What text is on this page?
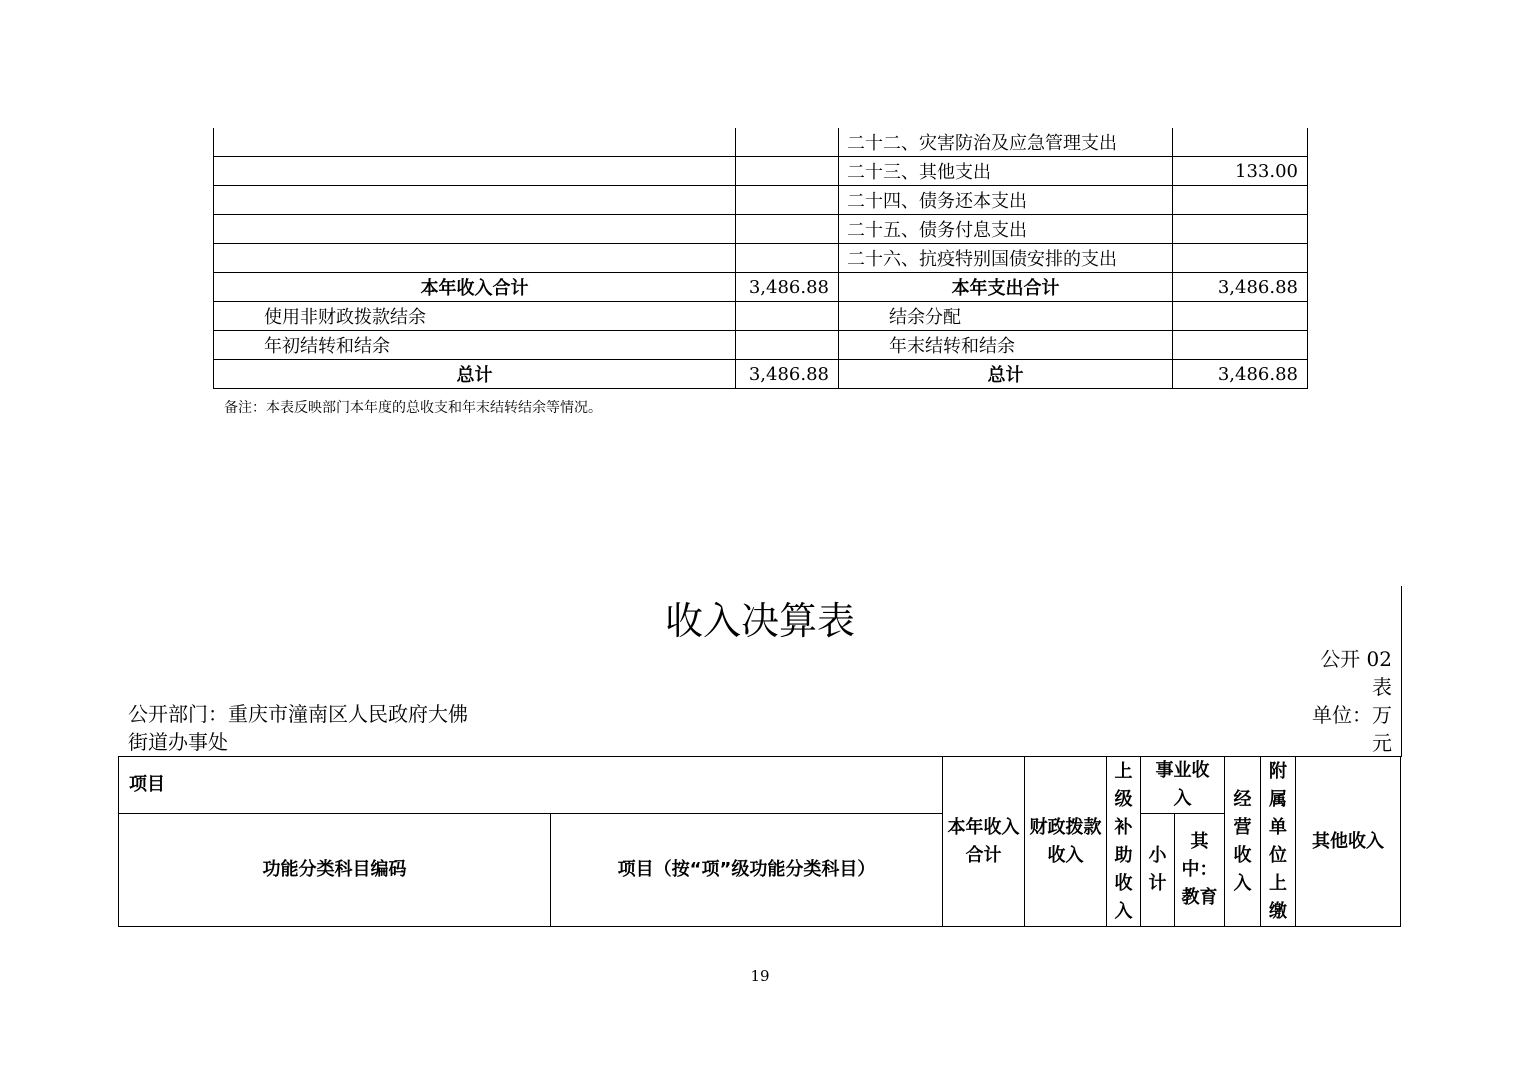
		二十二、灾害防治及应急管理支出	
		二十三、其他支出	133.00
		二十四、债务还本支出	
		二十五、债务付息支出	
		二十六、抗疫特别国债安排的支出	
本年收入合计	3,486.88	本年支出合计	3,486.88
使用非财政拨款结余		结余分配	
年初结转和结余		年末结转和结余	
总计	3,486.88	总计	3,486.88
备注：本表反映部门本年度的总收支和年末结转结余等情况。
收入决算表
公开 02
表
单位：万
元
公开部门：重庆市潼南区人民政府大佛
街道办事处
项目		本年收入合计	财政拨款收入	上级补助收入	事业收入		经营收入	附属单位上缴	其他收入
功能分类科目编码	项目（按“项”级功能分类科目）				小计	其中：教育			
19
